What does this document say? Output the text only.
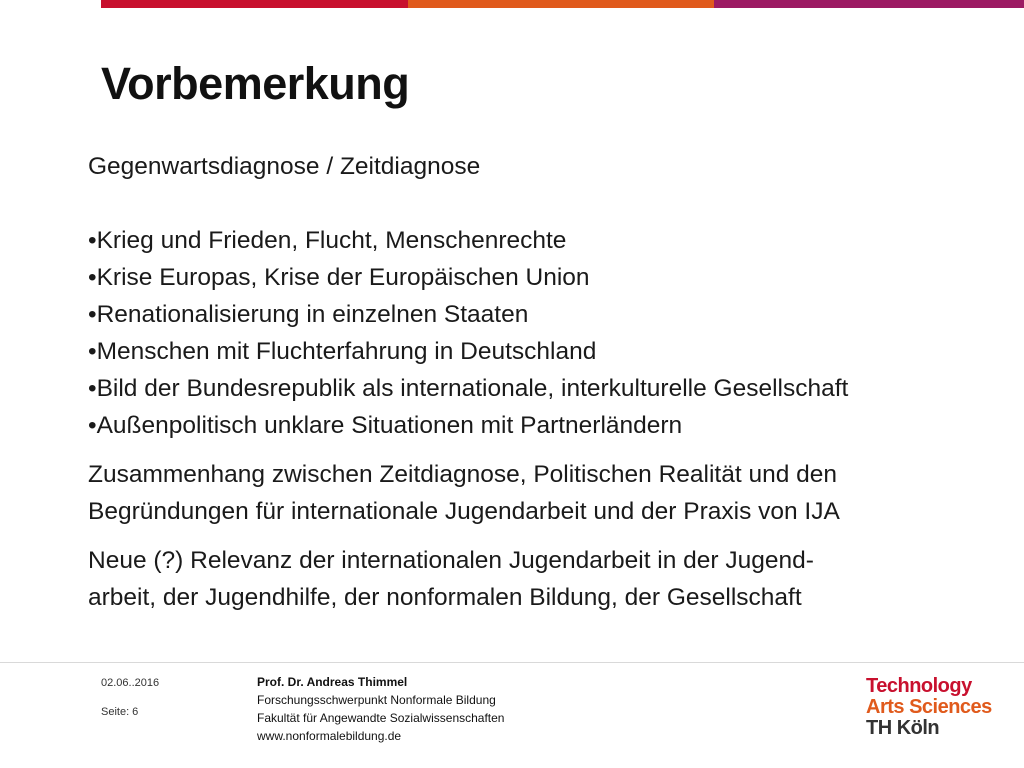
Vorbemerkung
Gegenwartsdiagnose / Zeitdiagnose
•Krieg und Frieden, Flucht, Menschenrechte
•Krise Europas, Krise der Europäischen Union
•Renationalisierung in einzelnen Staaten
•Menschen mit Fluchterfahrung in Deutschland
•Bild der Bundesrepublik als internationale, interkulturelle Gesellschaft
•Außenpolitisch unklare Situationen mit Partnerländern
Zusammenhang zwischen Zeitdiagnose, Politischen Realität und den
Begründungen für internationale Jugendarbeit und der Praxis von IJA
Neue (?) Relevanz der internationalen Jugendarbeit in der Jugend-
arbeit, der Jugendhilfe, der nonformalen Bildung, der Gesellschaft
02.06..2016
Seite: 6
Prof. Dr. Andreas Thimmel
Forschungsschwerpunkt Nonformale Bildung
Fakultät für Angewandte Sozialwissenschaften
www.nonformalebildung.de
Technology
Arts Sciences
TH Köln
